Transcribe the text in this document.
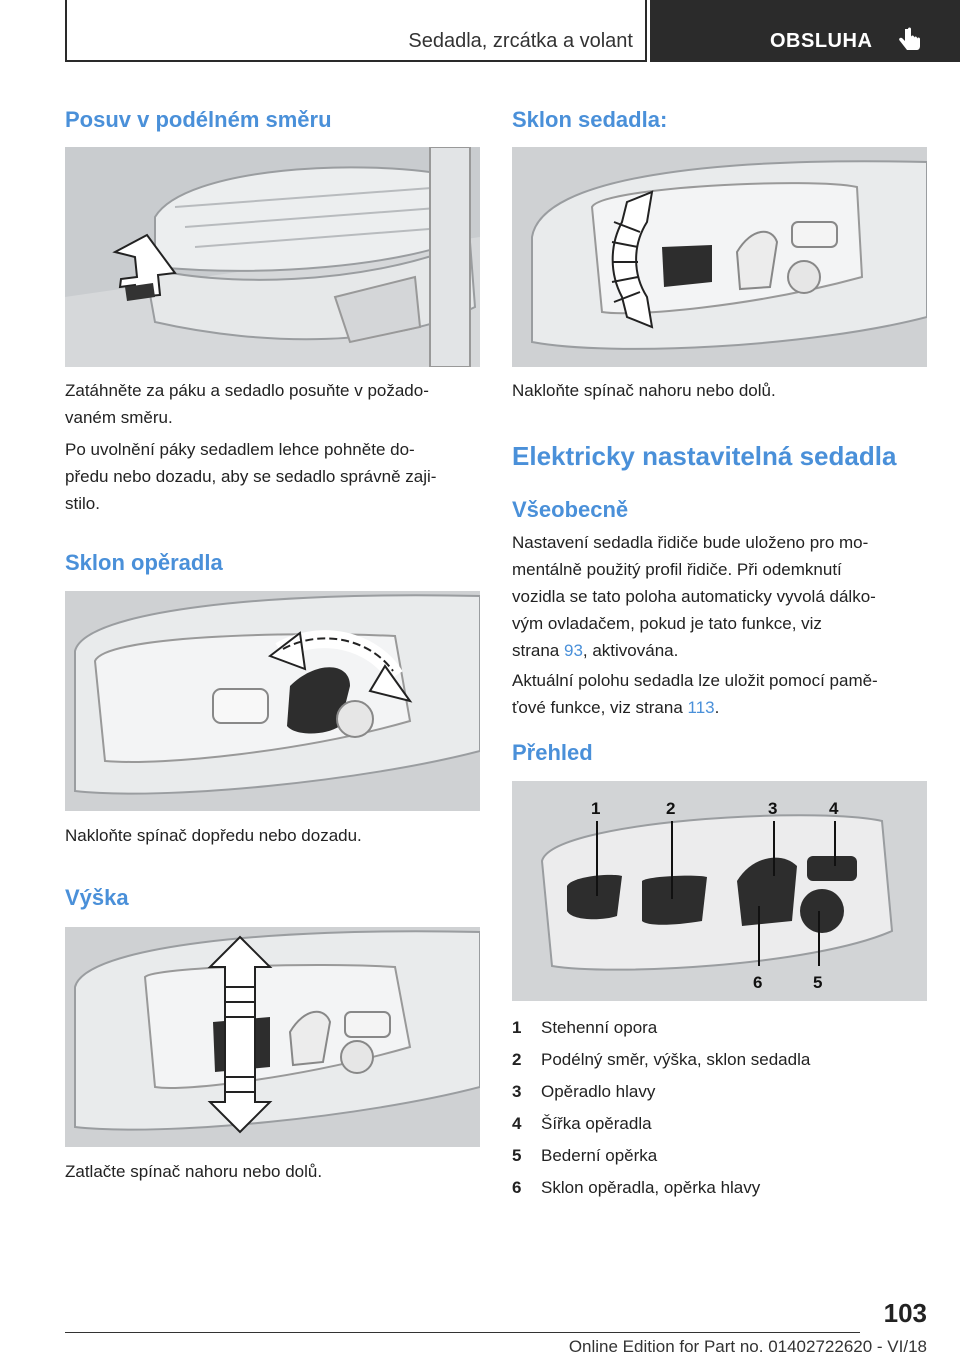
Sedadla, zrcátka a volant	OBSLUHA
Posuv v podélném směru

Zatáhněte za páku a sedadlo posuňte v požado‐

vaném směru.

Po uvolnění páky sedadlem lehce pohněte do‐

předu nebo dozadu, aby se sedadlo správně zaji‐

stilo.

Sklon opěradla

Nakloňte spínač dopředu nebo dozadu.

Výška

Zatlačte spínač nahoru nebo dolů.

Sklon sedadla:

Nakloňte spínač nahoru nebo dolů.

Elektricky nastavitelná sedadla
Všeobecně

Nastavení sedadla řidiče bude uloženo pro mo‐

mentálně použitý profil řidiče. Při odemknutí

vozidla se tato poloha automaticky vyvolá dálko‐

vým ovladačem, pokud je tato funkce, viz

strana 93, aktivována.

Aktuální polohu sedadla lze uložit pomocí pamě‐

ťové funkce, viz strana 113.

Přehled
1	2	3	4
6	5
1	Stehenní opora
2	Podélný směr, výška, sklon sedadla
3	Opěradlo hlavy
4	Šířka opěradla
5	Bederní opěrka
6	Sklon opěradla, opěrka hlavy
103
Online Edition for Part no. 01402722620 - VI/18
